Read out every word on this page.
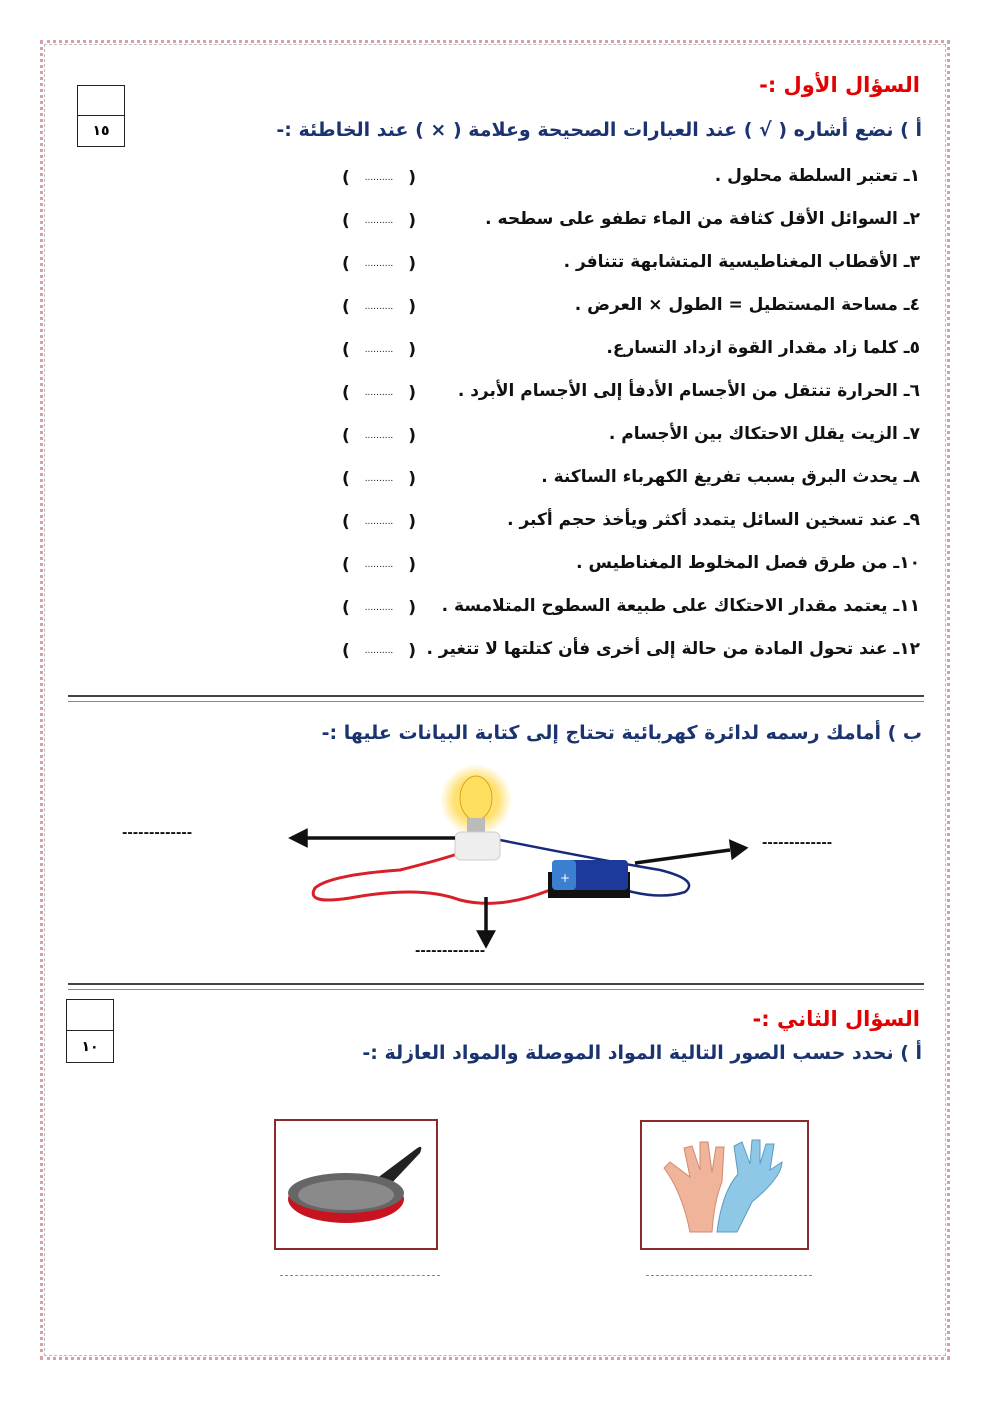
١٥
السؤال الأول :-
أ ) نضع أشاره ( √ ) عند العبارات الصحيحة وعلامة ( × ) عند الخاطئة :-
١ـ تعتبر السلطة محلول .
( .......... )
٢ـ السوائل الأقل كثافة من الماء تطفو على سطحه .
( .......... )
٣ـ الأقطاب المغناطيسية المتشابهة تتنافر .
( .......... )
٤ـ مساحة المستطيل = الطول × العرض .
( .......... )
٥ـ كلما زاد مقدار القوة ازداد التسارع.
( .......... )
٦ـ الحرارة تنتقل من الأجسام الأدفأ إلى الأجسام الأبرد .
( .......... )
٧ـ الزيت يقلل الاحتكاك بين الأجسام .
( .......... )
٨ـ يحدث البرق بسبب تفريغ الكهرباء الساكنة .
( .......... )
٩ـ عند تسخين السائل يتمدد أكثر ويأخذ حجم أكبر .
( .......... )
١٠ـ من طرق فصل المخلوط المغناطيس .
( .......... )
١١ـ يعتمد مقدار الاحتكاك على طبيعة السطوح المتلامسة .
( .......... )
١٢ـ عند تحول المادة من حالة إلى أخرى فأن كتلتها لا تتغير .
( .......... )
ب ) أمامك رسمه لدائرة كهربائية تحتاج إلى كتابة البيانات عليها :-
+
-------------
-------------
-------------
١٠
السؤال الثاني :-
أ ) نحدد حسب الصور التالية المواد الموصلة والمواد العازلة :-
